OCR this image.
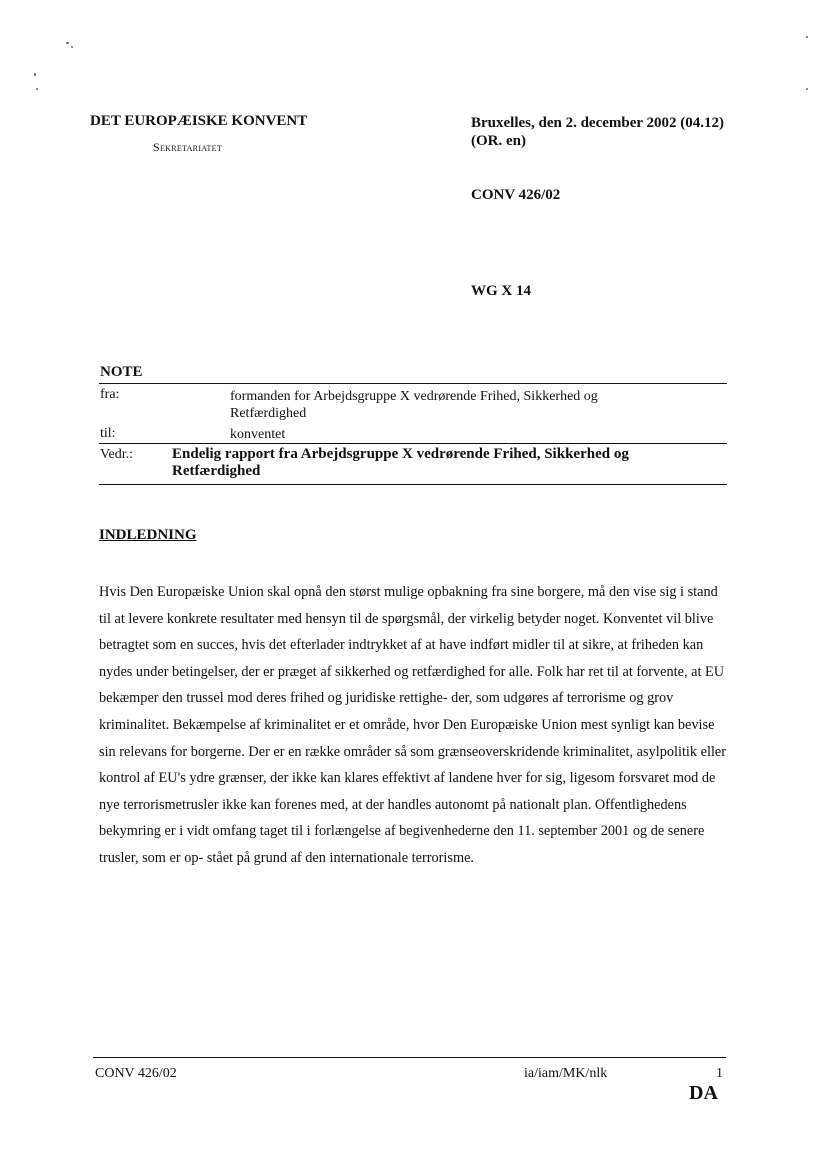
DET EUROPÆISKE KONVENT
Sekretariatet
Bruxelles, den 2. december 2002 (04.12)
(OR. en)
CONV 426/02
WG X 14
NOTE
fra:	formanden for Arbejdsgruppe X vedrørende Frihed, Sikkerhed og Retfærdighed
til:	konventet
Vedr.:	Endelig rapport fra Arbejdsgruppe X vedrørende Frihed, Sikkerhed og Retfærdighed
INDLEDNING

Hvis Den Europæiske Union skal opnå den størst mulige opbakning fra sine borgere, må den vise sig i stand til at levere konkrete resultater med hensyn til de spørgsmål, der virkelig betyder noget. Konventet vil blive betragtet som en succes, hvis det efterlader indtrykket af at have indført midler til at sikre, at friheden kan nydes under betingelser, der er præget af sikkerhed og retfærdighed for alle. Folk har ret til at forvente, at EU bekæmper den trussel mod deres frihed og juridiske rettighe- der, som udgøres af terrorisme og grov kriminalitet. Bekæmpelse af kriminalitet er et område, hvor Den Europæiske Union mest synligt kan bevise sin relevans for borgerne. Der er en række områder så som grænseoverskridende kriminalitet, asylpolitik eller kontrol af EU's ydre grænser, der ikke kan klares effektivt af landene hver for sig, ligesom forsvaret mod de nye terrorismetrusler ikke kan forenes med, at der handles autonomt på nationalt plan. Offentlighedens bekymring er i vidt omfang taget til i forlængelse af begivenhederne den 11. september 2001 og de senere trusler, som er op- stået på grund af den internationale terrorisme.

CONV 426/02	ia/iam/MK/nlk	1
DA
